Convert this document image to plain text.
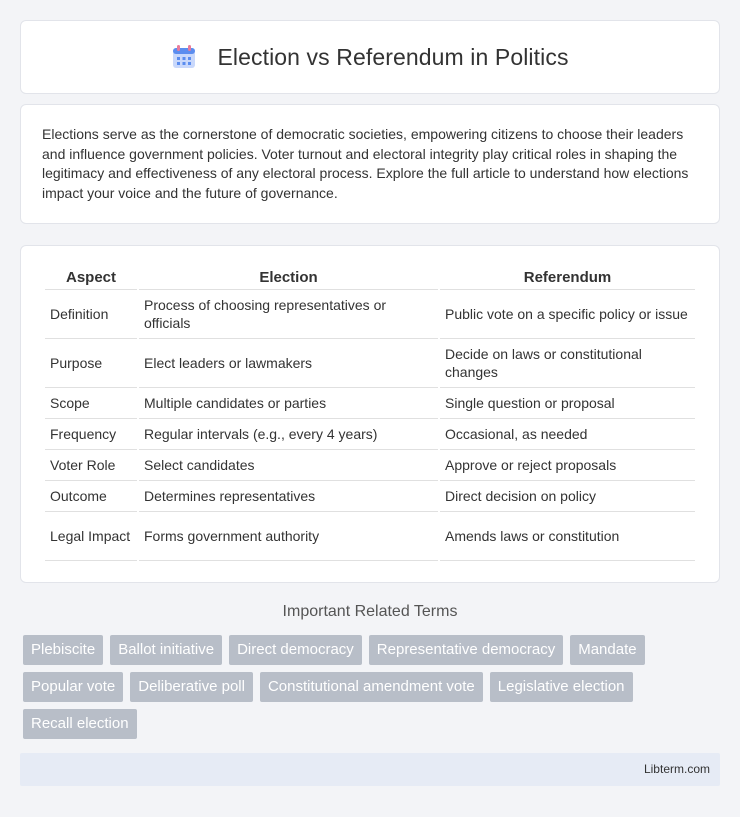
Election vs Referendum in Politics

Elections serve as the cornerstone of democratic societies, empowering citizens to choose their leaders and influence government policies. Voter turnout and electoral integrity play critical roles in shaping the legitimacy and effectiveness of any electoral process. Explore the full article to understand how elections impact your voice and the future of governance.

Aspect	Election	Referendum
Definition	Process of choosing representatives or officials	Public vote on a specific policy or issue
Purpose	Elect leaders or lawmakers	Decide on laws or constitutional changes
Scope	Multiple candidates or parties	Single question or proposal
Frequency	Regular intervals (e.g., every 4 years)	Occasional, as needed
Voter Role	Select candidates	Approve or reject proposals
Outcome	Determines representatives	Direct decision on policy
Legal Impact	Forms government authority	Amends laws or constitution
Important Related Terms
Plebiscite	Ballot initiative	Direct democracy	Representative democracy	Mandate
Popular vote	Deliberative poll	Constitutional amendment vote	Legislative election
Recall election
Libterm.com
